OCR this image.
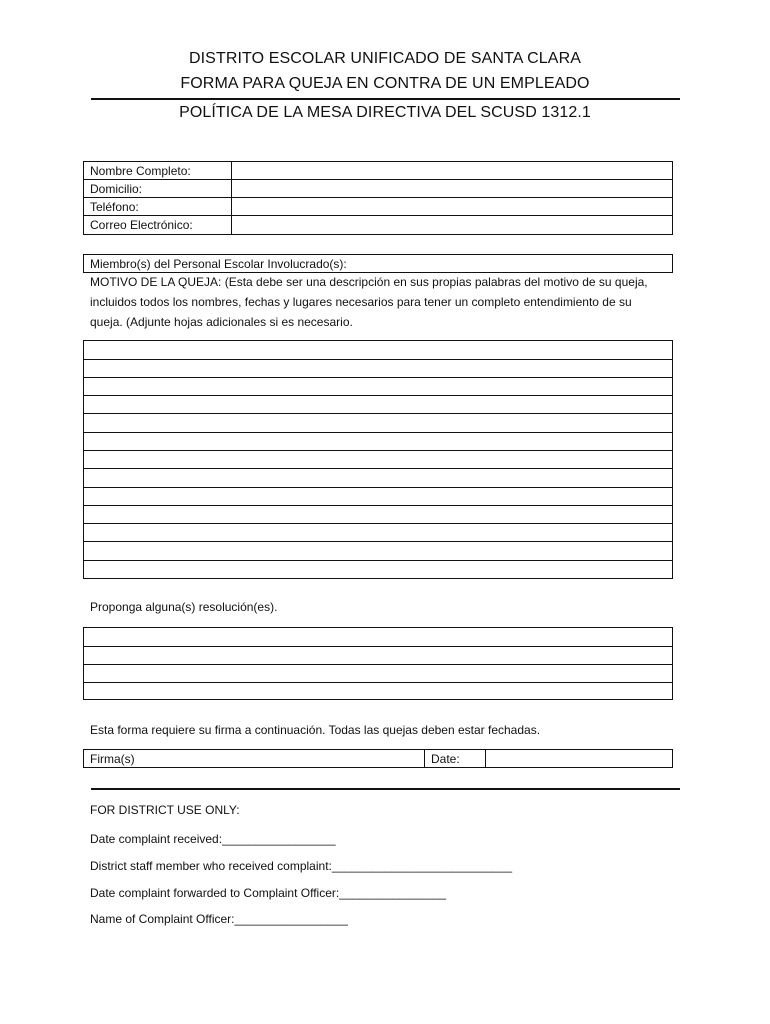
DISTRITO ESCOLAR UNIFICADO DE SANTA CLARA
FORMA PARA QUEJA EN CONTRA DE UN EMPLEADO
POLÍTICA DE LA MESA DIRECTIVA DEL SCUSD 1312.1
Nombre Completo:
Domicilio:
Teléfono:
Correo Electrónico:
Miembro(s) del Personal Escolar Involucrado(s):
MOTIVO DE LA QUEJA: (Esta debe ser una descripción en sus propias palabras del motivo de su queja,
incluidos todos los nombres, fechas y lugares necesarios para tener un completo entendimiento de su
queja. (Adjunte hojas adicionales si es necesario.
Proponga alguna(s) resolución(es).
Esta forma requiere su firma a continuación. Todas las quejas deben estar fechadas.
Firma(s)	Date:
FOR DISTRICT USE ONLY:
Date complaint received:_________________
District staff member who received complaint:___________________________
Date complaint forwarded to Complaint Officer:________________
Name of Complaint Officer:_________________
